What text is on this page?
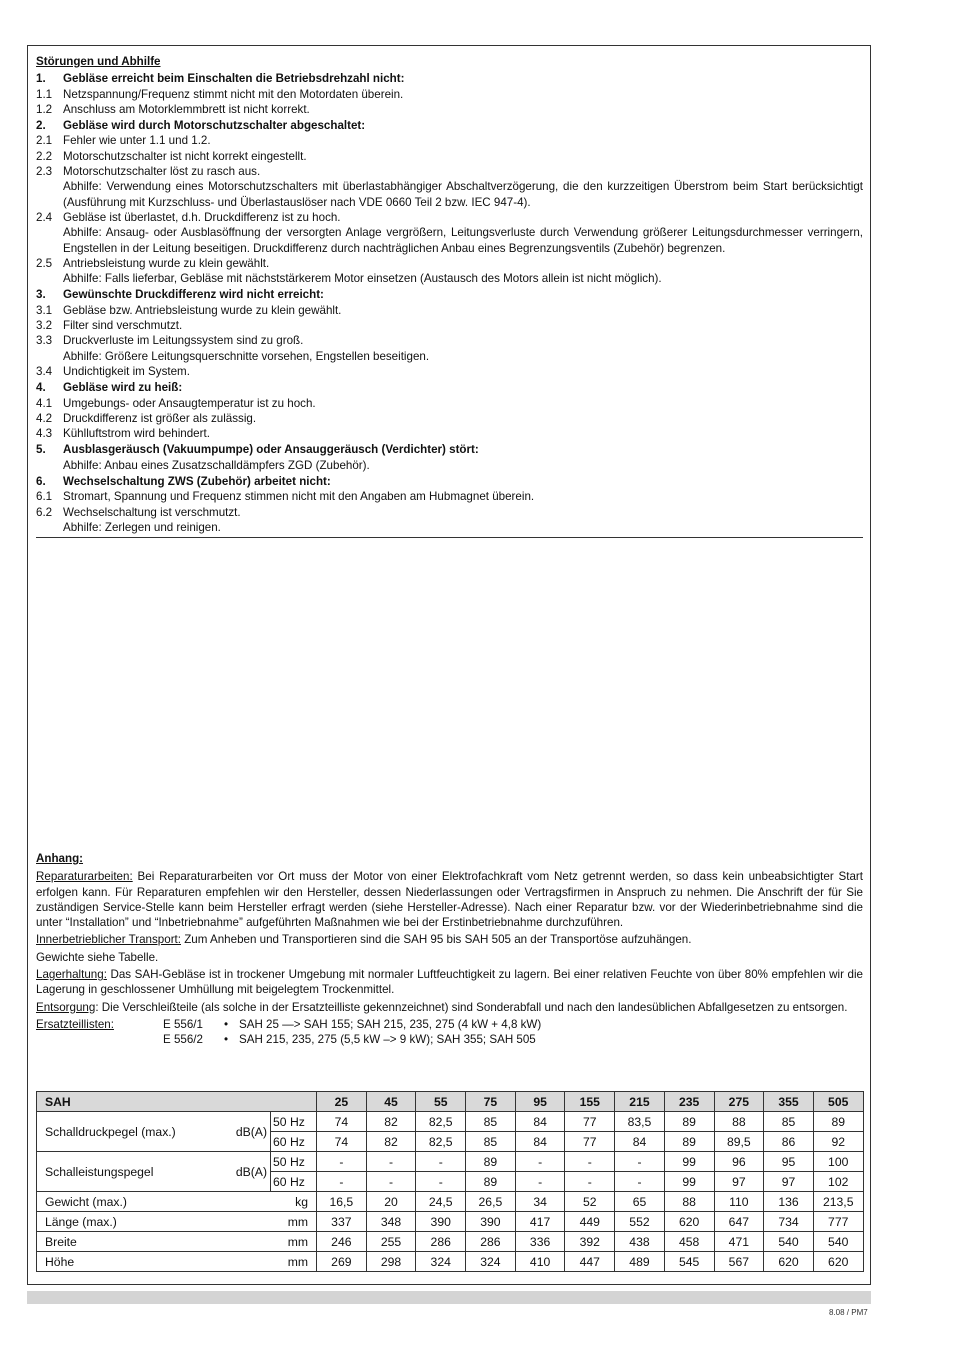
Störungen und Abhilfe
1.	Gebläse erreicht beim Einschalten die Betriebsdrehzahl nicht:
1.1 Netzspannung/Frequenz stimmt nicht mit den Motordaten überein.
1.2 Anschluss am Motorklemmbrett ist nicht korrekt.
2.	Gebläse wird durch Motorschutzschalter abgeschaltet:
2.1 Fehler wie unter 1.1 und 1.2.
2.2 Motorschutzschalter ist nicht korrekt eingestellt.
2.3 Motorschutzschalter löst zu rasch aus.
Abhilfe: Verwendung eines Motorschutzschalters mit überlastabhängiger Abschaltverzögerung, die den kurzzeitigen Überstrom beim Start berücksichtigt (Ausführung mit Kurzschluss- und Überlastauslöser nach VDE 0660 Teil 2 bzw. IEC 947-4).
2.4 Gebläse ist überlastet, d.h. Druckdifferenz ist zu hoch.
Abhilfe: Ansaug- oder Ausblasöffnung der versorgten Anlage vergrößern, Leitungsverluste durch Verwendung größerer Leitungsdurchmesser verringern, Engstellen in der Leitung beseitigen. Druckdifferenz durch nachträglichen Anbau eines Begrenzungsventils (Zubehör) begrenzen.
2.5 Antriebsleistung wurde zu klein gewählt.
Abhilfe: Falls lieferbar, Gebläse mit nächststärkerem Motor einsetzen (Austausch des Motors allein ist nicht möglich).
3.	Gewünschte Druckdifferenz wird nicht erreicht:
3.1 Gebläse bzw. Antriebsleistung wurde zu klein gewählt.
3.2 Filter sind verschmutzt.
3.3 Druckverluste im Leitungssystem sind zu groß.
Abhilfe: Größere Leitungsquerschnitte vorsehen, Engstellen beseitigen.
3.4 Undichtigkeit im System.
4.	Gebläse wird zu heiß:
4.1 Umgebungs- oder Ansaugtemperatur ist zu hoch.
4.2 Druckdifferenz ist größer als zulässig.
4.3 Kühlluftstrom wird behindert.
5.	Ausblasgeräusch (Vakuumpumpe) oder Ansauggeräusch (Verdichter) stört:
Abhilfe: Anbau eines Zusatzschalldämpfers ZGD (Zubehör).
6.	Wechselschaltung ZWS (Zubehör) arbeitet nicht:
6.1 Stromart, Spannung und Frequenz stimmen nicht mit den Angaben am Hubmagnet überein.
6.2 Wechselschaltung ist verschmutzt.
Abhilfe: Zerlegen und reinigen.
Anhang:
Reparaturarbeiten: Bei Reparaturarbeiten vor Ort muss der Motor von einer Elektrofachkraft vom Netz getrennt werden, so dass kein unbeabsichtigter Start erfolgen kann. Für Reparaturen empfehlen wir den Hersteller, dessen Niederlassungen oder Vertragsfirmen in Anspruch zu nehmen. Die Anschrift der für Sie zuständigen Service-Stelle kann beim Hersteller erfragt werden (siehe Hersteller-Adresse). Nach einer Reparatur bzw. vor der Wiederinbetriebnahme sind die unter “Installation” und “Inbetriebnahme” aufgeführten Maßnahmen wie bei der Erstinbetriebnahme durchzuführen.
Innerbetrieblicher Transport: Zum Anheben und Transportieren sind die SAH 95 bis SAH 505 an der Transportöse aufzuhängen.
Gewichte siehe Tabelle.
Lagerhaltung: Das SAH-Gebläse ist in trockener Umgebung mit normaler Luftfeuchtigkeit zu lagern. Bei einer relativen Feuchte von über 80% empfehlen wir die Lagerung in geschlossener Umhüllung mit beigelegtem Trockenmittel.
Entsorgung: Die Verschleißteile (als solche in der Ersatzteilliste gekennzeichnet) sind Sonderabfall und nach den landesüblichen Abfallgesetzen zu entsorgen.
Ersatzteillisten:	E 556/1	• SAH 25 —> SAH 155; SAH 215, 235, 275 (4 kW + 4,8 kW)
E 556/2	• SAH 215, 235, 275 (5,5 kW –> 9 kW); SAH 355; SAH 505
SAH			25	45	55	75	95	155	215	235	275	355	505
Schalldruckpegel (max.)	dB(A)	50 Hz	74	82	82,5	85	84	77	83,5	89	88	85	89
		60 Hz	74	82	82,5	85	84	77	84	89	89,5	86	92
Schalleistungspegel	dB(A)	50 Hz	-	-	-	89	-	-	-	99	96	95	100
		60 Hz	-	-	-	89	-	-	-	99	97	97	102
Gewicht (max.)		kg	16,5	20	24,5	26,5	34	52	65	88	110	136	213,5
Länge (max.)		mm	337	348	390	390	417	449	552	620	647	734	777
Breite		mm	246	255	286	286	336	392	438	458	471	540	540
Höhe		mm	269	298	324	324	410	447	489	545	567	620	620
8.08 / PM7
